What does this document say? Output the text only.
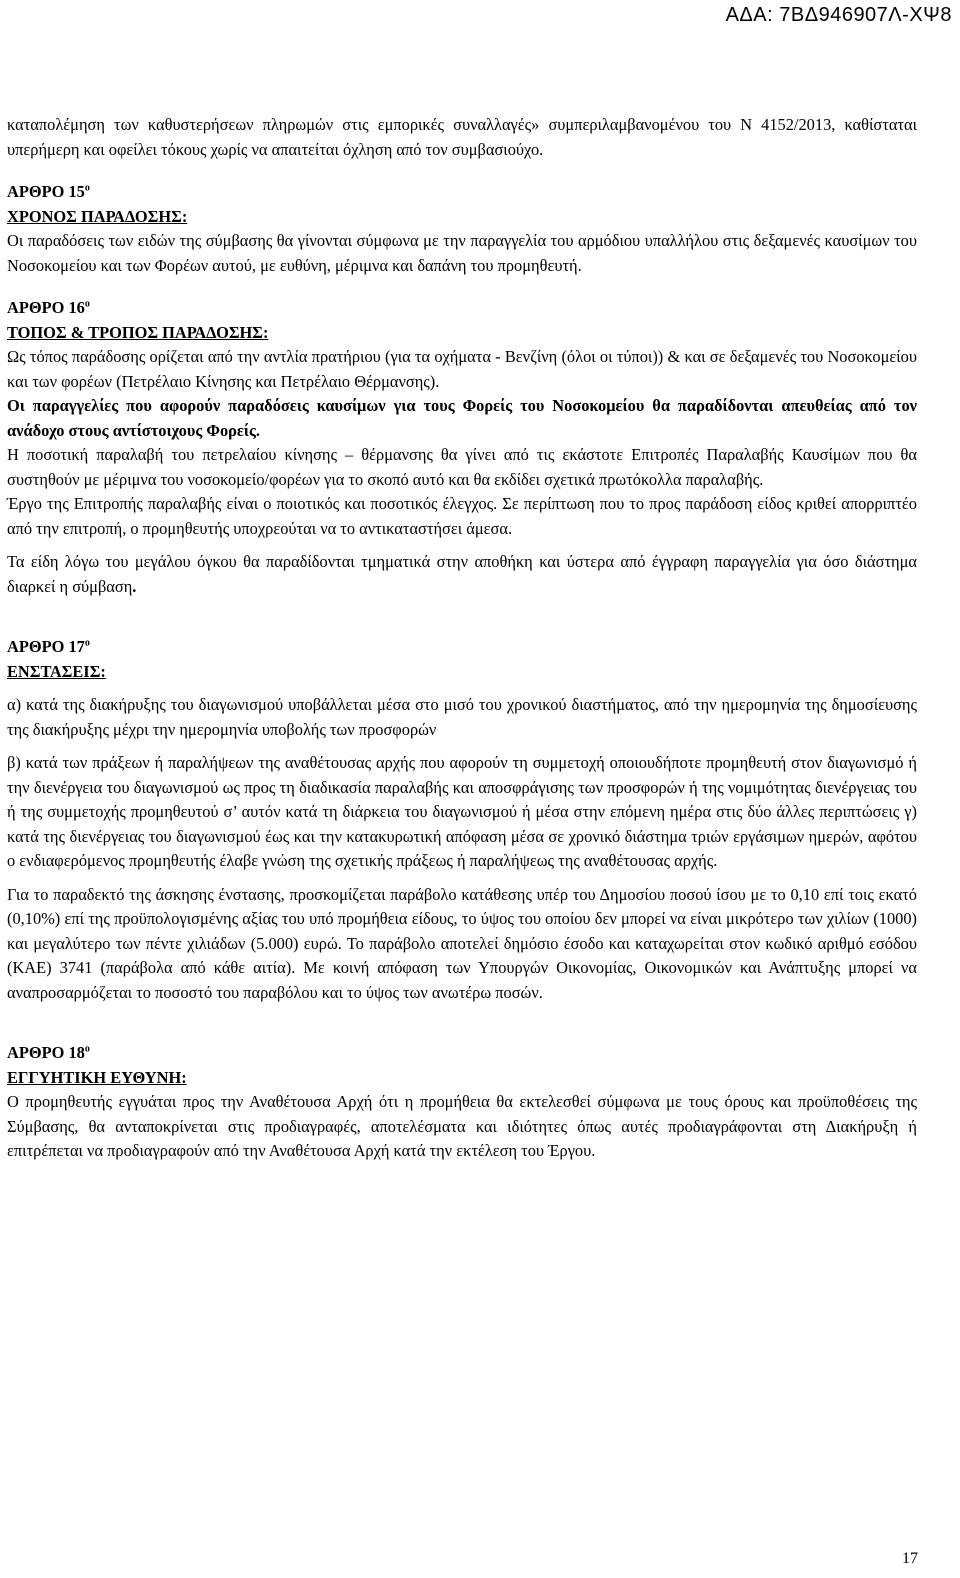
ΑΔΑ: 7ΒΔ946907Λ-ΧΨ8

καταπολέμηση των καθυστερήσεων πληρωμών στις εμπορικές συναλλαγές» συμπεριλαμβανομένου του Ν 4152/2013, καθίσταται υπερήμερη και οφείλει τόκους χωρίς να απαιτείται όχληση από τον συμβασιούχο.

ΑΡΘΡΟ $15^o$

ΧΡΟΝΟΣ ΠΑΡΑΔΟΣΗΣ:

Οι παραδόσεις των ειδών της σύμβασης θα γίνονται σύμφωνα με την παραγγελία του αρμόδιου υπαλλήλου στις δεξαμενές καυσίμων του Νοσοκομείου και των Φορέων αυτού, με ευθύνη, μέριμνα και δαπάνη του προμηθευτή.

ΑΡΘΡΟ $16^o$

ΤΟΠΟΣ & ΤΡΟΠΟΣ ΠΑΡΑΔΟΣΗΣ:

Ως τόπος παράδοσης ορίζεται από την αντλία πρατήριου (για τα οχήματα - Βενζίνη (όλοι οι τύποι)) & και σε δεξαμενές του Νοσοκομείου και των φορέων (Πετρέλαιο Κίνησης και Πετρέλαιο Θέρμανσης).

Οι παραγγελίες που αφορούν παραδόσεις καυσίμων για τους Φορείς του Νοσοκομείου θα παραδίδονται απευθείας από τον ανάδοχο στους αντίστοιχους Φορείς.

Η ποσοτική παραλαβή του πετρελαίου κίνησης – θέρμανσης θα γίνει από τις εκάστοτε Επιτροπές Παραλαβής Καυσίμων που θα συστηθούν με μέριμνα του νοσοκομείο/φορέων για το σκοπό αυτό και θα εκδίδει σχετικά πρωτόκολλα παραλαβής.

Έργο της Επιτροπής παραλαβής είναι ο ποιοτικός και ποσοτικός έλεγχος. Σε περίπτωση που το προς παράδοση είδος κριθεί απορριπτέο από την επιτροπή, ο προμηθευτής υποχρεούται να το αντικαταστήσει άμεσα.

Τα είδη λόγω του μεγάλου όγκου θα παραδίδονται τμηματικά στην αποθήκη και ύστερα από έγγραφη παραγγελία για όσο διάστημα διαρκεί η σύμβαση.

ΑΡΘΡΟ $17^o$

ΕΝΣΤΑΣΕΙΣ:

α) κατά της διακήρυξης του διαγωνισμού υποβάλλεται μέσα στο μισό του χρονικού διαστήματος, από την ημερομηνία της δημοσίευσης της διακήρυξης μέχρι την ημερομηνία υποβολής των προσφορών

β) κατά των πράξεων ή παραλήψεων της αναθέτουσας αρχής που αφορούν τη συμμετοχή οποιουδήποτε προμηθευτή στον διαγωνισμό ή την διενέργεια του διαγωνισμού ως προς τη διαδικασία παραλαβής και αποσφράγισης των προσφορών ή της νομιμότητας διενέργειας του ή της συμμετοχής προμηθευτού σ’ αυτόν κατά τη διάρκεια του διαγωνισμού ή μέσα στην επόμενη ημέρα στις δύο άλλες περιπτώσεις γ) κατά της διενέργειας του διαγωνισμού έως και την κατακυρωτική απόφαση μέσα σε χρονικό διάστημα τριών εργάσιμων ημερών, αφότου ο ενδιαφερόμενος προμηθευτής έλαβε γνώση της σχετικής πράξεως ή παραλήψεως της αναθέτουσας αρχής.

Για το παραδεκτό της άσκησης ένστασης, προσκομίζεται παράβολο κατάθεσης υπέρ του Δημοσίου ποσού ίσου με το 0,10 επί τοις εκατό (0,10%) επί της προϋπολογισμένης αξίας του υπό προμήθεια είδους, το ύψος του οποίου δεν μπορεί να είναι μικρότερο των χιλίων (1000) και μεγαλύτερο των πέντε χιλιάδων (5.000) ευρώ. Το παράβολο αποτελεί δημόσιο έσοδο και καταχωρείται στον κωδικό αριθμό εσόδου (ΚΑΕ) 3741 (παράβολα από κάθε αιτία). Με κοινή απόφαση των Υπουργών Οικονομίας, Οικονομικών και Ανάπτυξης μπορεί να αναπροσαρμόζεται το ποσοστό του παραβόλου και το ύψος των ανωτέρω ποσών.

ΑΡΘΡΟ $18^o$

ΕΓΓΥΗΤΙΚΗ ΕΥΘΥΝΗ:

Ο προμηθευτής εγγυάται προς την Αναθέτουσα Αρχή ότι η προμήθεια θα εκτελεσθεί σύμφωνα με τους όρους και προϋποθέσεις της Σύμβασης, θα ανταποκρίνεται στις προδιαγραφές, αποτελέσματα και ιδιότητες όπως αυτές προδιαγράφονται στη Διακήρυξη ή επιτρέπεται να προδιαγραφούν από την Αναθέτουσα Αρχή κατά την εκτέλεση του Έργου.

17
